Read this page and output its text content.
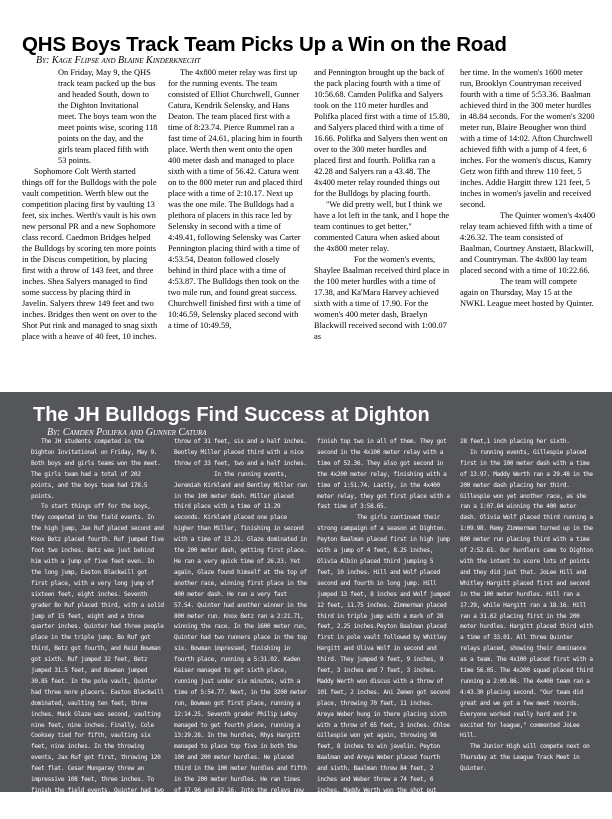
QHS Boys Track Team Picks Up a Win on the Road
By: Kage Flipse and Blaine Kinderknecht

On Friday, May 9, the QHS track team packed up the bus and headed South, down to the Dighton Invitational meet. The boys team won the meet points wise, scoring 118 points on the day, and the girls team placed fifth with 53 points.

Sophomore Colt Werth started things off for the Bulldogs with the pole vault competition. Werth blew out the competition placing first by vaulting 13 feet, six inches. Werth's vault is his own new personal PR and a new Sophomore class record. Caedmon Bridges helped the Bulldogs by scoring ten more points in the Discus competition, by placing first with a throw of 143 feet, and three inches. Shea Salyers managed to find some success by placing third in Javelin. Salyers threw 149 feet and two inches. Bridges then went on over to the Shot Put rink and managed to snag sixth place with a heave of 40 feet, 10 inches.

The 4x800 meter relay was first up for the running events. The team consisted of Elliot Churchwell, Gunner Catura, Kendrik Selensky, and Hans Deaton. The team placed first with a time of 8:23.74. Pierce Rummel ran a fast time of 24.61, placing him in fourth place. Werth then went onto the open 400 meter dash and managed to place sixth with a time of 56.42. Catura went on to the 800 meter run and placed third place with a time of 2:10.17. Next up was the one mile. The Bulldogs had a plethora of placers in this race led by Selensky in second with a time of 4:49.41, following Selensky was Carter Pennington placing third with a time of 4:53.54, Deaton followed closely behind in third place with a time of 4:53.87. The Bulldogs then took on the two mile run, and found great success. Churchwell finished first with a time of 10:46.59, Selensky placed second with a time of 10:49.59,

and Pennington brought up the back of the pack placing fourth with a time of 10:56.68. Camden Polifka and Salyers took on the 110 meter hurdles and Polifka placed first with a time of 15.80, and Salyers placed third with a time of 16.66. Polifka and Salyers then went on over to the 300 meter hurdles and placed first and fourth. Polifka ran a 42.28 and Salyers ran a 43.48. The 4x400 meter relay rounded things out for the Bulldogs by placing fourth.

"We did pretty well, but I think we have a lot left in the tank, and I hope the team continues to get better," commented Catura when asked about the 4x800 meter relay.

For the women's events, Shaylee Baalman received third place in the 100 meter hurdles with a time of 17.38, and Ka'Mara Harvey achieved sixth with a time of 17.90. For the women's 400 meter dash, Braelyn Blackwill received second with 1:00.07 as

her time. In the women's 1600 meter run, Brooklyn Countryman received fourth with a time of 5:53.36. Baalman achieved third in the 300 meter hurdles in 48.84 seconds. For the women's 3200 meter run, Blaire Beougher won third with a time of 14:02. Afton Churchwell achieved fifth with a jump of 4 feet, 6 inches. For the women's discus, Kamry Getz won fifth and threw 110 feet, 5 inches. Addie Hargitt threw 121 feet, 5 inches in women's javelin and received second.

The Quinter women's 4x400 relay team achieved fifth with a time of 4:26.32. The team consisted of Baalman, Courtney Anstaett, Blackwill, and Countryman. The 4x800 lay team placed second with a time of 10:22.66.

The team will compete again on Thursday, May 15 at the NWKL League meet hosted by Quinter.

The JH Bulldogs Find Success at Dighton
By: Camden Polifka and Gunner Catura

The JH students competed in the Dighton Invitational on Friday, May 9. Both boys and girls teams won the meet. The girls team had a total of 202 points, and the boys team had 178.5 points.

To start things off for the boys, they competed in the field events. In the high jump, Jax Ruf placed second and Knox Betz placed fourth. Ruf jumped five foot two inches. Betz was just behind him with a jump of five feet even. In the long jump, Easton Blackwill got first place, with a very long jump of sixteen feet, eight inches. Seventh grader Bo Ruf placed third, with a solid jump of 15 feet, eight and a three quarter inches. Quinter had three people place in the triple jump. Bo Ruf got third, Betz got fourth, and Reid Bowman got sixth. Ruf jumped 32 feet, Betz jumped 31.5 feet, and Bowman jumped 30.85 feet. In the pole vault, Quinter had three more placers. Easton Blackwill dominated, vaulting ten feet, three inches. Mack Glaze was second, vaulting nine feet, nine inches. Finally, Cole Cooksey tied for fifth, vaulting six feet, nine inches. In the throwing events, Jax Ruf got first, throwing 120 feet flat. Cesar Mungaray threw an impressive 108 feet, three inches. To finish the field events, Quinter had two athletes throw in the top six. Brigham Press placed sixth with an outstanding

throw of 31 feet, six and a half inches. Bentley Miller placed third with a nice throw of 33 feet, two and a half inches.

In the running events, Jeremiah Kirkland and Bentley Miller ran in the 100 meter dash. Miller placed third place with a time of 13.29 seconds. Kirkland placed one place higher than Miller, finishing in second with a time of 13.21. Glaze dominated in the 200 meter dash, getting first place. He ran a very quick time of 26.23. Yet again, Glaze found himself at the top of another race, winning first place in the 400 meter dash. He ran a very fast 57.54. Quinter had another winner in the 800 meter run. Knox Betz ran a 2:21.71, winning the race. In the 1600 meter run, Quinter had two runners place in the top six. Bowman impressed, finishing in fourth place, running a 5:31.02. Kaden Kaiser managed to get sixth place, running just under six minutes, with a time of 5:54.77. Next, in the 3200 meter run, Bowman got first place, running a 12:14.25. Seventh grader Philip LeRoy managed to get fourth place, running a 13:29.28. In the hurdles, Rhys Hargitt managed to place top five in both the 100 and 200 meter hurdles. He placed third in the 100 meter hurdles and fifth in the 200 meter hurdles. He ran times of 17.96 and 32.16. Into the relays now for the Bulldogs, they managed to

finish top two in all of them. They got second in the 4x100 meter relay with a time of 52.36. They also got second in the 4x200 meter relay, finishing with a time of 1:51.74. Lastly, in the 4x400 meter relay, they got first place with a fast time of 3:58.65.

The girls continued their strong campaign of a season at Dighton. Peyton Baalman placed first in high jump with a jump of 4 feet, 8.25 inches, Olivia Albin placed third jumping 5 feet, 10 inches. Hill and Wolf placed second and fourth in long jump. Hill jumped 13 feet, 8 inches and Wolf jumped 12 feet, 11.75 inches. Zimmerman placed third in triple jump with a mark of 28 feet, 2.25 inches.Peyton Baalman placed first in pole vault followed by Whitley Hargitt and Oliva Wolf in second and third. They jumped 9 feet, 9 inches, 9 feet, 3 inches and 7 feet, 3 inches. Maddy Werth won discus with a throw of 101 feet, 2 inches. Ani Zemen got second place, throwing 70 feet, 11 inches. Areya Weber hung in there placing sixth with a throw of 65 feet, 3 inches. Chloe Gillespie won yet again, throwing 98 feet, 8 inches to win javelin. Peyton Baalman and Areya Weber placed fourth and sixth. Baalman threw 84 feet, 2 inches and Weber threw a 74 feet, 6 inches. Maddy Werth won the shot put with a mark of 38 feet, 2.5 inches. Dia Hargitt threw

28 feet,1 inch placing her sixth.

In running events, Gillespie placed first in the 100 meter dash with a time of 13.97. Maddy Werth ran a 29.48 in the 200 meter dash placing her third. Gillespie won yet another race, as she ran a 1:07.84 winning the 400 meter dash. Olivia Wolf placed third running a 1:09.98. Remy Zimmerman turned up in the 800 meter run placing third with a time of 2:52.61. Our hurdlers came to Dighton with the intent to score lots of points and they did just that. JoLee Hill and Whitley Hargitt placed first and second in the 100 meter hurdles. Hill ran a 17.29, while Hargitt ran a 18.16. Hill ran a 31.62 placing first in the 200 meter hurdles. Hargitt placed third with a time of 33.01. All three Quinter relays placed, showing their dominance as a team. The 4x100 placed first with a time 56.05. The 4x200 squad placed third running a 2:09.86. The 4x400 team ran a 4:43.30 placing second. "Our team did great and we got a few meet records. Everyone worked really hard and I'm excited for league," commented JoLee Hill.

The Junior High will compete next on Thursday at the League Track Meet in Quinter.
